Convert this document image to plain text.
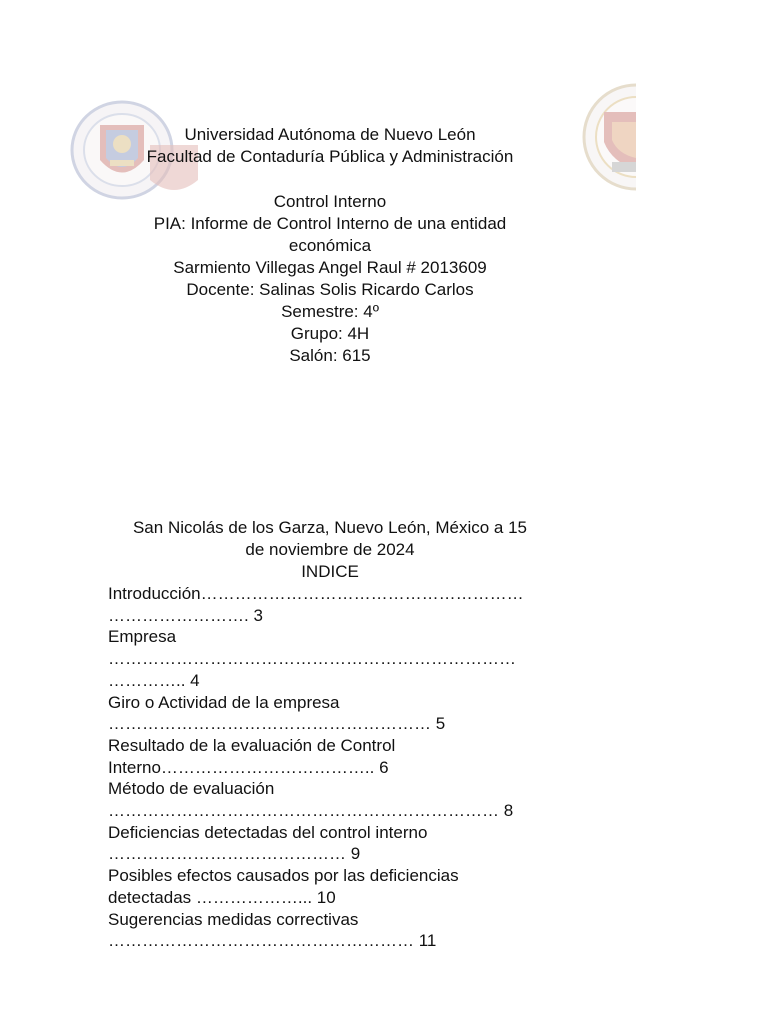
Universidad Autónoma de Nuevo León
Facultad de Contaduría Pública y Administración
Control Interno
PIA: Informe de Control Interno de una entidad
económica
Sarmiento Villegas Angel Raul # 2013609
Docente: Salinas Solis Ricardo Carlos
Semestre: 4º
Grupo: 4H
Salón: 615
San Nicolás de los Garza, Nuevo León, México a 15
de noviembre de 2024
INDICE
Introducción…………………………………………………
……………………. 3
Empresa
………………………………………………………………
………….. 4
Giro o Actividad de la empresa
………………………………………………… 5
Resultado de la evaluación de Control
Interno……………………………….. 6
Método de evaluación
…………………………………………………………… 8
Deficiencias detectadas del control interno
…………………………………… 9
Posibles efectos causados por las deficiencias
detectadas ………………... 10
Sugerencias medidas correctivas
……………………………………………… 11
